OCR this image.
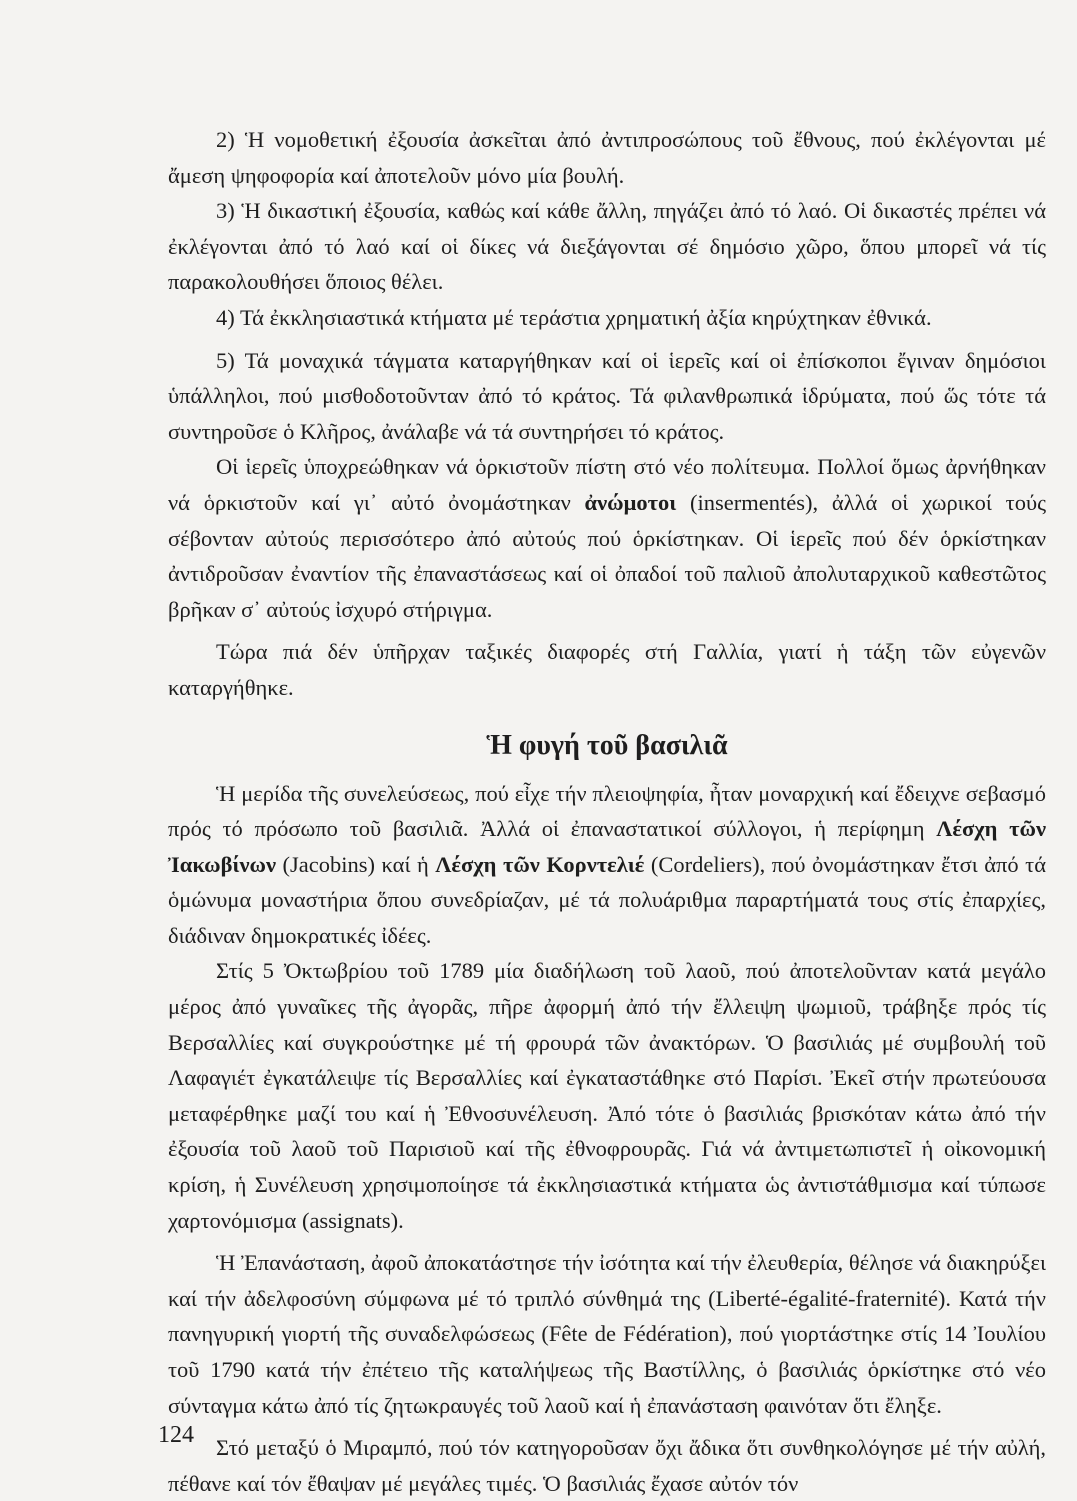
2) Ἡ νομοθετική ἐξουσία ἀσκεῖται ἀπό ἀντιπροσώπους τοῦ ἔθνους, πού ἐκλέγονται μέ ἄμεση ψηφοφορία καί ἀποτελοῦν μόνο μία βουλή.

3) Ἡ δικαστική ἐξουσία, καθώς καί κάθε ἄλλη, πηγάζει ἀπό τό λαό. Οἱ δικαστές πρέπει νά ἐκλέγονται ἀπό τό λαό καί οἱ δίκες νά διεξάγονται σέ δημόσιο χῶρο, ὅπου μπορεῖ νά τίς παρακολουθήσει ὅποιος θέλει.

4) Τά ἐκκλησιαστικά κτήματα μέ τεράστια χρηματική ἀξία κηρύχτηκαν ἐθνικά.

5) Τά μοναχικά τάγματα καταργήθηκαν καί οἱ ἱερεῖς καί οἱ ἐπίσκοποι ἔγιναν δημόσιοι ὑπάλληλοι, πού μισθοδοτοῦνταν ἀπό τό κράτος. Τά φιλανθρωπικά ἱδρύματα, πού ὥς τότε τά συντηροῦσε ὁ Κλῆρος, ἀνάλαβε νά τά συντηρήσει τό κράτος.

Οἱ ἱερεῖς ὑποχρεώθηκαν νά ὁρκιστοῦν πίστη στό νέο πολίτευμα. Πολλοί ὅμως ἀρνήθηκαν νά ὁρκιστοῦν καί γι᾽ αὐτό ὀνομάστηκαν ἀνώμοτοι (insermentés), ἀλλά οἱ χωρικοί τούς σέβονταν αὐτούς περισσότερο ἀπό αὐτούς πού ὁρκίστηκαν. Οἱ ἱερεῖς πού δέν ὁρκίστηκαν ἀντιδροῦσαν ἐναντίον τῆς ἐπαναστάσεως καί οἱ ὀπαδοί τοῦ παλιοῦ ἀπολυταρχικοῦ καθεστῶτος βρῆκαν σ᾽ αὐτούς ἰσχυρό στήριγμα.

Τώρα πιά δέν ὑπῆρχαν ταξικές διαφορές στή Γαλλία, γιατί ἡ τάξη τῶν εὐγενῶν καταργήθηκε.

Ἡ φυγή τοῦ βασιλιᾶ

Ἡ μερίδα τῆς συνελεύσεως, πού εἶχε τήν πλειοψηφία, ἦταν μοναρχική καί ἔδειχνε σεβασμό πρός τό πρόσωπο τοῦ βασιλιᾶ. Ἀλλά οἱ ἐπαναστατικοί σύλλογοι, ἡ περίφημη Λέσχη τῶν Ἰακωβίνων (Jacobins) καί ἡ Λέσχη τῶν Κορντελιέ (Cordeliers), πού ὀνομάστηκαν ἔτσι ἀπό τά ὁμώνυμα μοναστήρια ὅπου συνεδρίαζαν, μέ τά πολυάριθμα παραρτήματά τους στίς ἐπαρχίες, διάδιναν δημοκρατικές ἰδέες.

Στίς 5 Ὀκτωβρίου τοῦ 1789 μία διαδήλωση τοῦ λαοῦ, πού ἀποτελοῦνταν κατά μεγάλο μέρος ἀπό γυναῖκες τῆς ἀγορᾶς, πῆρε ἀφορμή ἀπό τήν ἔλλειψη ψωμιοῦ, τράβηξε πρός τίς Βερσαλλίες καί συγκρούστηκε μέ τή φρουρά τῶν ἀνακτόρων. Ὁ βασιλιάς μέ συμβουλή τοῦ Λαφαγιέτ ἐγκατάλειψε τίς Βερσαλλίες καί ἐγκαταστάθηκε στό Παρίσι. Ἐκεῖ στήν πρωτεύουσα μεταφέρθηκε μαζί του καί ἡ Ἐθνοσυνέλευση. Ἀπό τότε ὁ βασιλιάς βρισκόταν κάτω ἀπό τήν ἐξουσία τοῦ λαοῦ τοῦ Παρισιοῦ καί τῆς ἐθνοφρουρᾶς. Γιά νά ἀντιμετωπιστεῖ ἡ οἰκονομική κρίση, ἡ Συνέλευση χρησιμοποίησε τά ἐκκλησιαστικά κτήματα ὡς ἀντιστάθμισμα καί τύπωσε χαρτονόμισμα (assignats).

Ἡ Ἐπανάσταση, ἀφοῦ ἀποκατάστησε τήν ἰσότητα καί τήν ἐλευθερία, θέλησε νά διακηρύξει καί τήν ἀδελφοσύνη σύμφωνα μέ τό τριπλό σύνθημά της (Liberté-égalité-fraternité). Κατά τήν πανηγυρική γιορτή τῆς συναδελφώσεως (Fête de Fédération), πού γιορτάστηκε στίς 14 Ἰουλίου τοῦ 1790 κατά τήν ἐπέτειο τῆς καταλήψεως τῆς Βαστίλλης, ὁ βασιλιάς ὁρκίστηκε στό νέο σύνταγμα κάτω ἀπό τίς ζητωκραυγές τοῦ λαοῦ καί ἡ ἐπανάσταση φαινόταν ὅτι ἔληξε.

Στό μεταξύ ὁ Μιραμπό, πού τόν κατηγοροῦσαν ὄχι ἄδικα ὅτι συνθηκολόγησε μέ τήν αὐλή, πέθανε καί τόν ἔθαψαν μέ μεγάλες τιμές. Ὁ βασιλιάς ἔχασε αὐτόν τόν

124
